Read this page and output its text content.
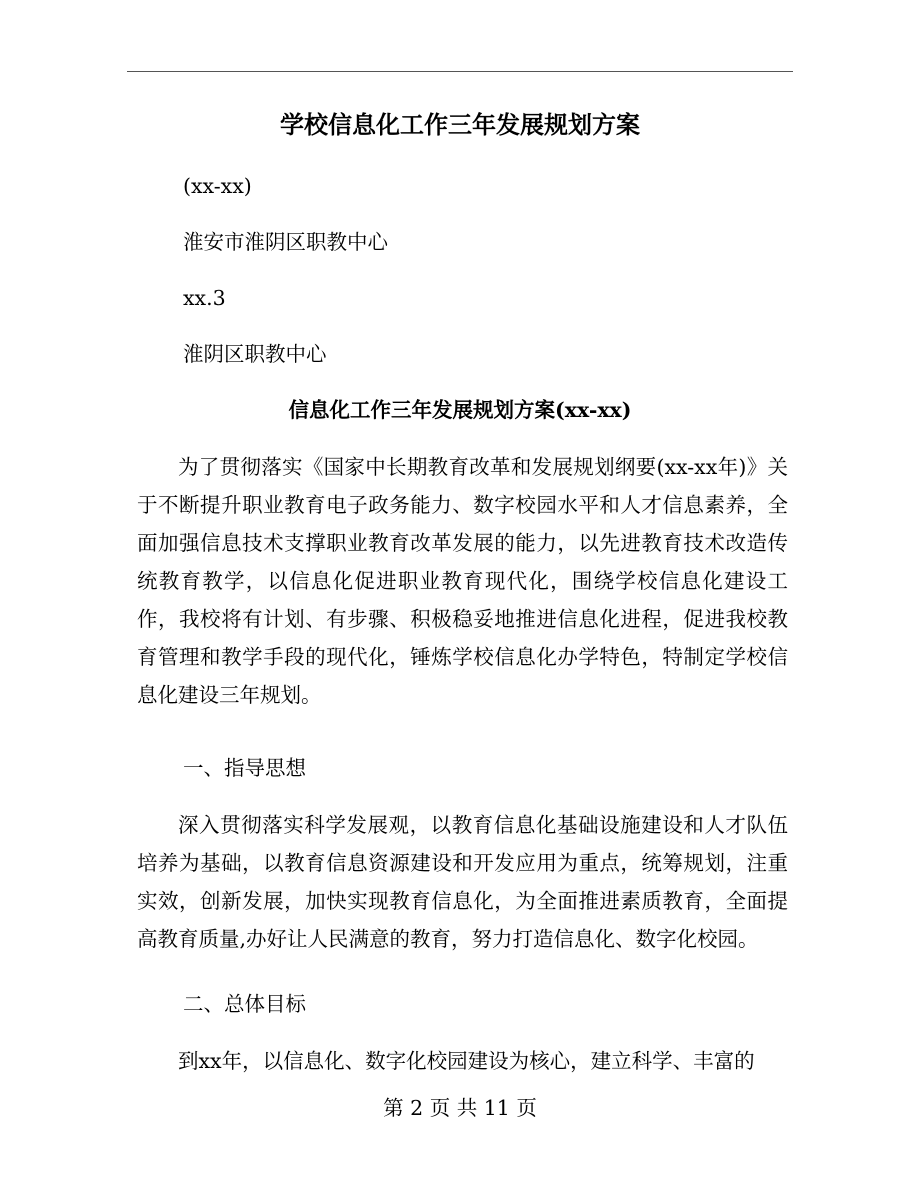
学校信息化工作三年发展规划方案
(xx-xx)
淮安市淮阴区职教中心
xx.3
淮阴区职教中心
信息化工作三年发展规划方案(xx-xx)
为了贯彻落实《国家中长期教育改革和发展规划纲要(xx-xx年)》关于不断提升职业教育电子政务能力、数字校园水平和人才信息素养，全面加强信息技术支撑职业教育改革发展的能力，以先进教育技术改造传统教育教学，以信息化促进职业教育现代化，围绕学校信息化建设工作，我校将有计划、有步骤、积极稳妥地推进信息化进程，促进我校教育管理和教学手段的现代化，锤炼学校信息化办学特色，特制定学校信息化建设三年规划。
一、指导思想
深入贯彻落实科学发展观，以教育信息化基础设施建设和人才队伍培养为基础，以教育信息资源建设和开发应用为重点，统筹规划，注重实效，创新发展，加快实现教育信息化，为全面推进素质教育，全面提高教育质量,办好让人民满意的教育，努力打造信息化、数字化校园。
二、总体目标
到xx年，以信息化、数字化校园建设为核心，建立科学、丰富的
第 2 页 共 11 页
